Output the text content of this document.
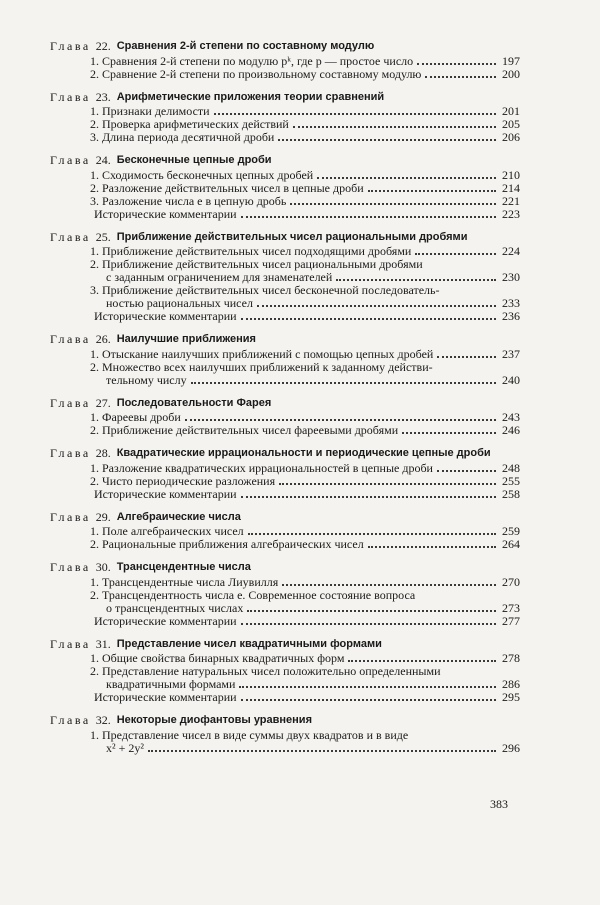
Глава 22. Сравнения 2-й степени по составному модулю
1. Сравнения 2-й степени по модулю pᵏ, где p — простое число	197
2. Сравнение 2-й степени по произвольному составному модулю	200
Глава 23. Арифметические приложения теории сравнений
1. Признаки делимости	201
2. Проверка арифметических действий	205
3. Длина периода десятичной дроби	206
Глава 24. Бесконечные цепные дроби
1. Сходимость бесконечных цепных дробей	210
2. Разложение действительных чисел в цепные дроби	214
3. Разложение числа e в цепную дробь	221
Исторические комментарии	223
Глава 25. Приближение действительных чисел рациональными дробями
1. Приближение действительных чисел подходящими дробями	224
2. Приближение действительных чисел рациональными дробями
с заданным ограничением для знаменателей	230
3. Приближение действительных чисел бесконечной последователь-
ностью рациональных чисел	233
Исторические комментарии	236
Глава 26. Наилучшие приближения
1. Отыскание наилучших приближений с помощью цепных дробей	237
2. Множество всех наилучших приближений к заданному действи-
тельному числу	240
Глава 27. Последовательности Фарея
1. Фареевы дроби	243
2. Приближение действительных чисел фареевыми дробями	246
Глава 28. Квадратические иррациональности и периодические цепные дроби
1. Разложение квадратических иррациональностей в цепные дроби	248
2. Чисто периодические разложения	255
Исторические комментарии	258
Глава 29. Алгебраические числа
1. Поле алгебраических чисел	259
2. Рациональные приближения алгебраических чисел	264
Глава 30. Трансцендентные числа
1. Трансцендентные числа Лиувилля	270
2. Трансцендентность числа e. Современное состояние вопроса
о трансцендентных числах	273
Исторические комментарии	277
Глава 31. Представление чисел квадратичными формами
1. Общие свойства бинарных квадратичных форм	278
2. Представление натуральных чисел положительно определенными
квадратичными формами	286
Исторические комментарии	295
Глава 32. Некоторые диофантовы уравнения
1. Представление чисел в виде суммы двух квадратов и в виде
x² + 2y²	296
383
